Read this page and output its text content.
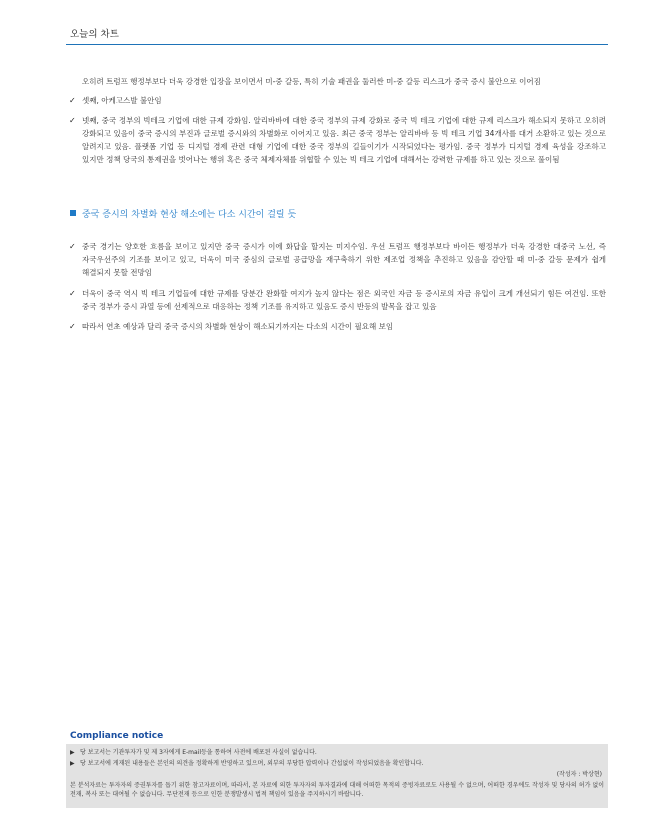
오늘의 차트
오히려 트럼프 행정부보다 더욱 강경한 입장을 보이면서 미-중 갈등, 특히 기술 패권을 둘러싼 미-중 갈등 리스크가 중국 증시 불안으로 이어짐
✓ 셋째, 아케고스발 불안임
✓ 넷째, 중국 정부의 빅테크 기업에 대한 규제 강화임. 알리바바에 대한 중국 정부의 규제 강화로 중국 빅 테크 기업에 대한 규제 리스크가 해소되지 못하고 오히려 강화되고 있음이 중국 증시의 부진과 글로벌 증시와의 차별화로 이어지고 있음. 최근 중국 정부는 알리바바 등 빅 테크 기업 34개사를 대거 소환하고 있는 것으로 알려지고 있음. 플랫폼 기업 등 디지털 경제 관련 대형 기업에 대한 중국 정부의 길들이기가 시작되었다는 평가임. 중국 정부가 디지털 경제 육성을 강조하고 있지만 정책 당국의 통제권을 벗어나는 행위 혹은 중국 체제자체를 위협할 수 있는 빅 테크 기업에 대해서는 강력한 규제를 하고 있는 것으로 풀이됨
중국 증시의 차별화 현상 해소에는 다소 시간이 걸릴 듯
✓ 중국 경기는 양호한 흐름을 보이고 있지만 중국 증시가 이에 화답을 할지는 미지수임. 우선 트럼프 행정부보다 바이든 행정부가 더욱 강경한 대중국 노선, 즉 자국우선주의 기조를 보이고 있고, 더욱이 미국 중심의 글로벌 공급망을 재구축하기 위한 제조업 정책을 추진하고 있음을 감안할 때 미-중 갈등 문제가 쉽게 해결되지 못할 전망임
✓ 더욱이 중국 역시 빅 테크 기업들에 대한 규제를 당분간 완화할 여지가 높지 않다는 점은 외국인 자금 등 증시로의 자금 유입이 크게 개선되기 힘든 여건임. 또한 중국 정부가 증시 과열 등에 선제적으로 대응하는 정책 기조를 유지하고 있음도 증시 반등의 발목을 잡고 있음
✓ 따라서 연초 예상과 달리 중국 증시의 차별화 현상이 해소되기까지는 다소의 시간이 필요해 보임
Compliance notice
▶ 당 보고서는 기관투자가 및 제 3자에게 E-mail등을 통하여 사전에 배포된 사실이 없습니다.
▶ 당 보고서에 게재된 내용들은 본인의 의견을 정확하게 반영하고 있으며, 외부의 부당한 압력이나 간섭없이 작성되었음을 확인합니다.
(작성자 : 박상현)
본 분석자료는 투자자의 증권투자를 돕기 위한 참고자료이며, 따라서, 본 자료에 의한 투자자의 투자결과에 대해 어떠한 목적의 증빙자료로도 사용될 수 없으며, 어떠한 경우에도 작성자 및 당사의 허가 없이 전재, 복사 또는 대여될 수 없습니다. 무단전재 등으로 인한 분쟁발생시 법적 책임이 있음을 주지하시기 바랍니다.
